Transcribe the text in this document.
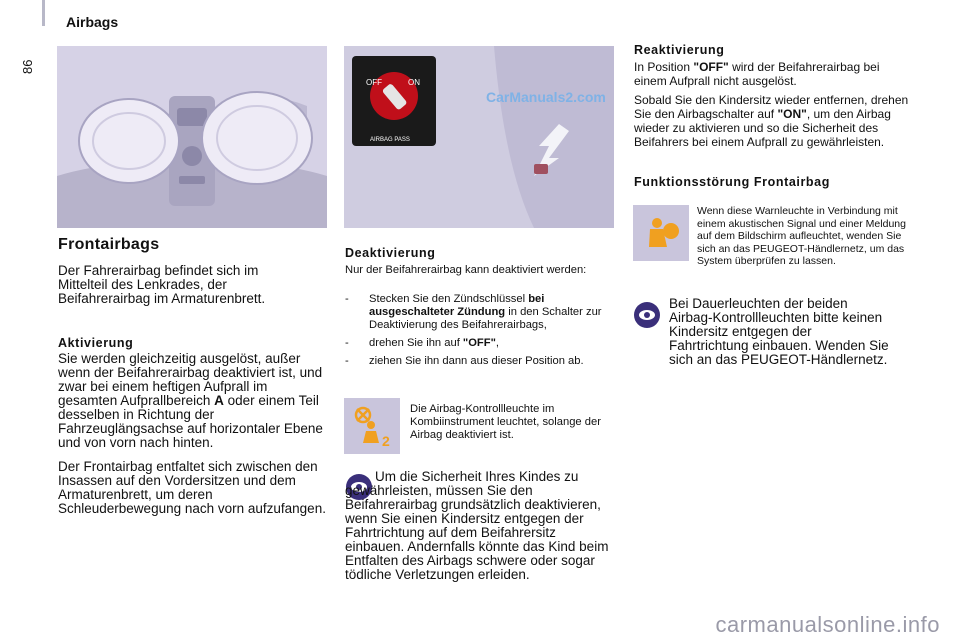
86
Airbags
OFF	ON
AIRBAG PASS
CarManuals2.com
Frontairbags
Der Fahrerairbag befindet sich im Mittelteil des Lenkrades, der Beifahrerairbag im Armaturenbrett.
Aktivierung
Sie werden gleichzeitig ausgelöst, außer wenn der Beifahrerairbag deaktiviert ist, und zwar bei einem heftigen Aufprall im gesamten Aufprallbereich A oder einem Teil desselben in Richtung der Fahrzeuglängsachse auf horizontaler Ebene und von vorn nach hinten.
Der Frontairbag entfaltet sich zwischen den Insassen auf den Vordersitzen und dem Armaturenbrett, um deren Schleuderbewegung nach vorn aufzufangen.
Deaktivierung
Nur der Beifahrerairbag kann deaktiviert werden:
- Stecken Sie den Zündschlüssel bei ausgeschalteter Zündung in den Schalter zur Deaktivierung des Beifahrerairbags,
- drehen Sie ihn auf "OFF",
- ziehen Sie ihn dann aus dieser Position ab.
2
Die Airbag-Kontrollleuchte im Kombiinstrument leuchtet, solange der Airbag deaktiviert ist.
Um die Sicherheit Ihres Kindes zu gewährleisten, müssen Sie den Beifahrerairbag grundsätzlich deaktivieren, wenn Sie einen Kindersitz entgegen der Fahrtrichtung auf dem Beifahrersitz einbauen. Andernfalls könnte das Kind beim Entfalten des Airbags schwere oder sogar tödliche Verletzungen erleiden.
Reaktivierung
In Position "OFF" wird der Beifahrerairbag bei einem Aufprall nicht ausgelöst.
Sobald Sie den Kindersitz wieder entfernen, drehen Sie den Airbagschalter auf "ON", um den Airbag wieder zu aktivieren und so die Sicherheit des Beifahrers bei einem Aufprall zu gewährleisten.
Funktionsstörung Frontairbag
Wenn diese Warnleuchte in Verbindung mit einem akustischen Signal und einer Meldung auf dem Bildschirm aufleuchtet, wenden Sie sich an das PEUGEOT-Händlernetz, um das System überprüfen zu lassen.
Bei Dauerleuchten der beiden Airbag-Kontrollleuchten bitte keinen Kindersitz entgegen der Fahrtrichtung einbauen. Wenden Sie sich an das PEUGEOT-Händlernetz.
carmanualsonline.info
